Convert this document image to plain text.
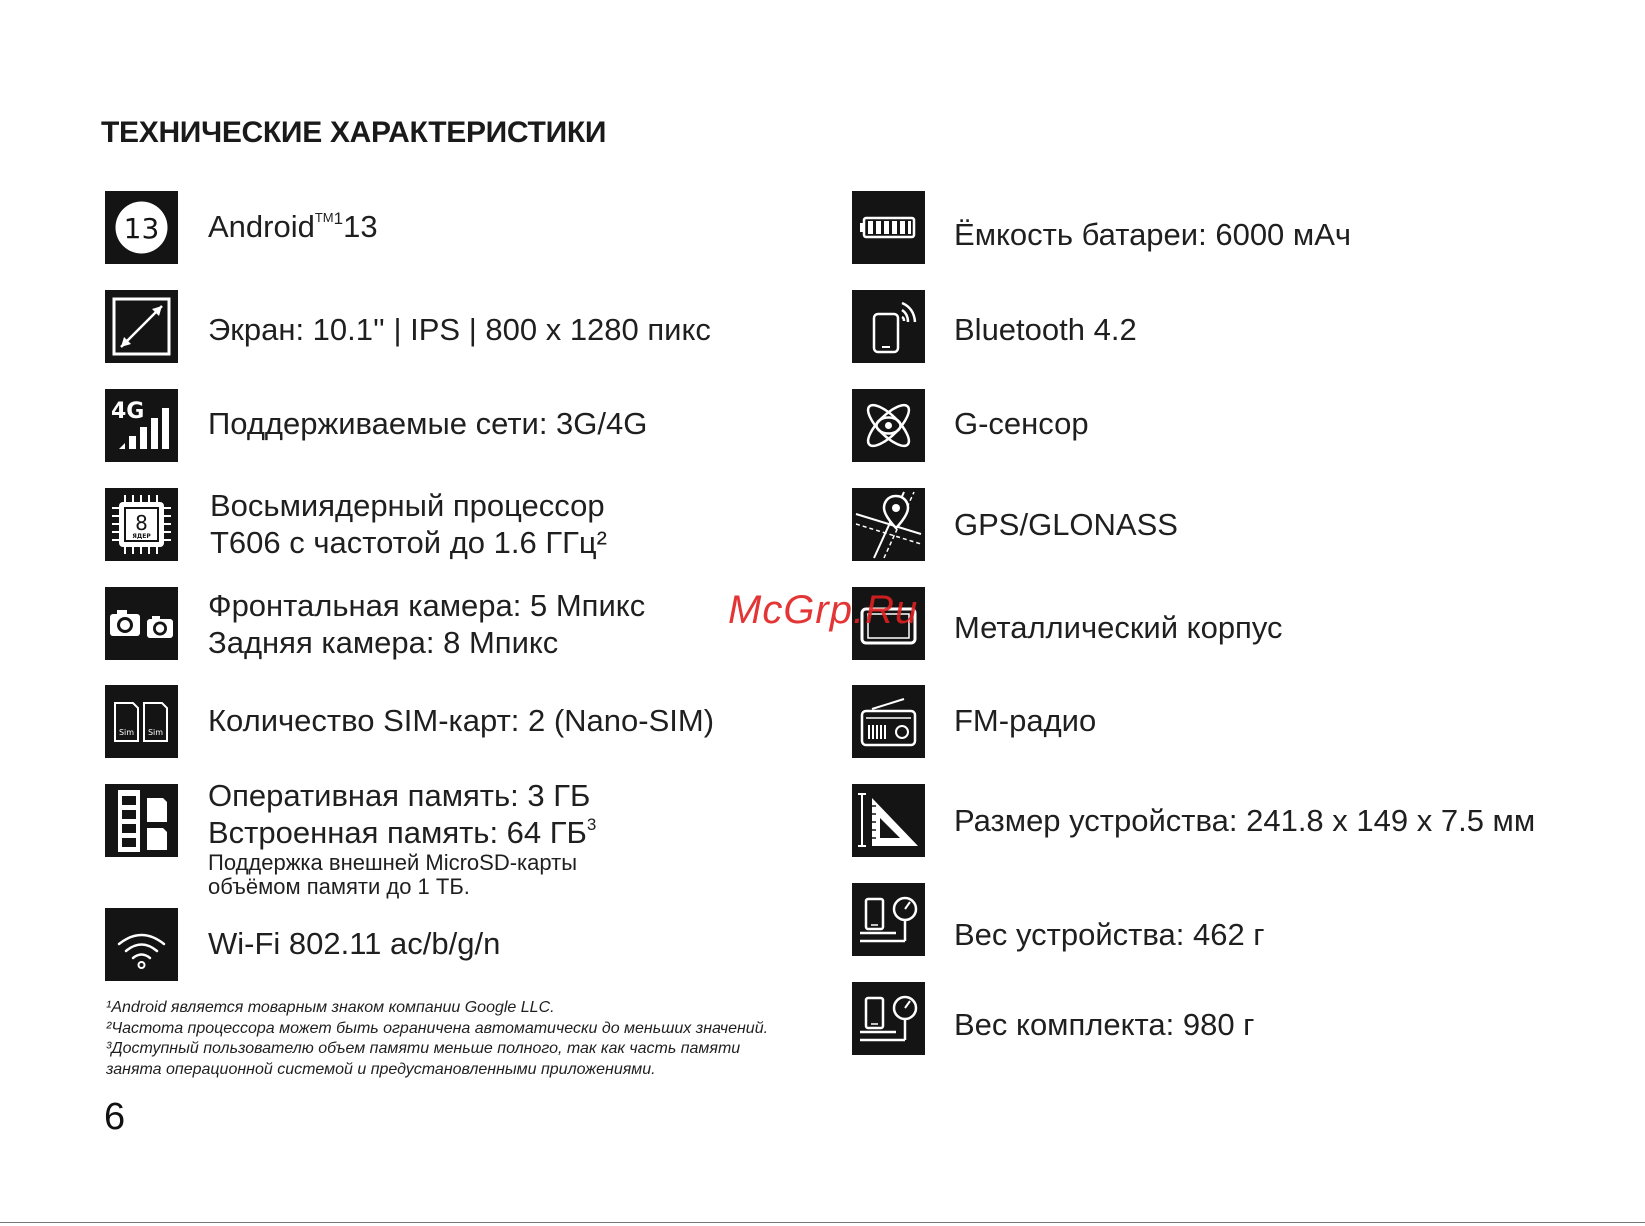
ТЕХНИЧЕСКИЕ ХАРАКТЕРИСТИКИ
13 Android$^{TM1}$13
Экран: 10.1'' | IPS | 800 x 1280 пикс
4G Поддерживаемые сети: 3G/4G
8
ЯДЕР
Восьмиядерный процессор
Т606 с частотой до 1.6 ГГц²
Фронтальная камера: 5 Мпикс
Задняя камера: 8 Мпикс
Sim Sim Количество SIM-карт: 2 (Nano-SIM)
Оперативная память: 3 ГБ
Встроенная память: 64 $ГБ^3$
Поддержка внешней MicroSD-карты
объёмом памяти до 1 ТБ.
Wi-Fi 802.11 ac/b/g/n
¹Android является товарным знаком компании Google LLC.
²Частота процессора может быть ограничена автоматически до меньших значений.
³Доступный пользователю объем памяти меньше полного, так как часть памяти
занята операционной системой и предустановленными приложениями.
6
Ёмкость батареи: 6000 мАч
Bluetooth 4.2
G-сенсор
GPS/GLONASS
Металлический корпус
FM-радио
Размер устройства: 241.8 x 149 x 7.5 мм
Вес устройства: 462 г
Вес комплекта: 980 г
McGrp.Ru
